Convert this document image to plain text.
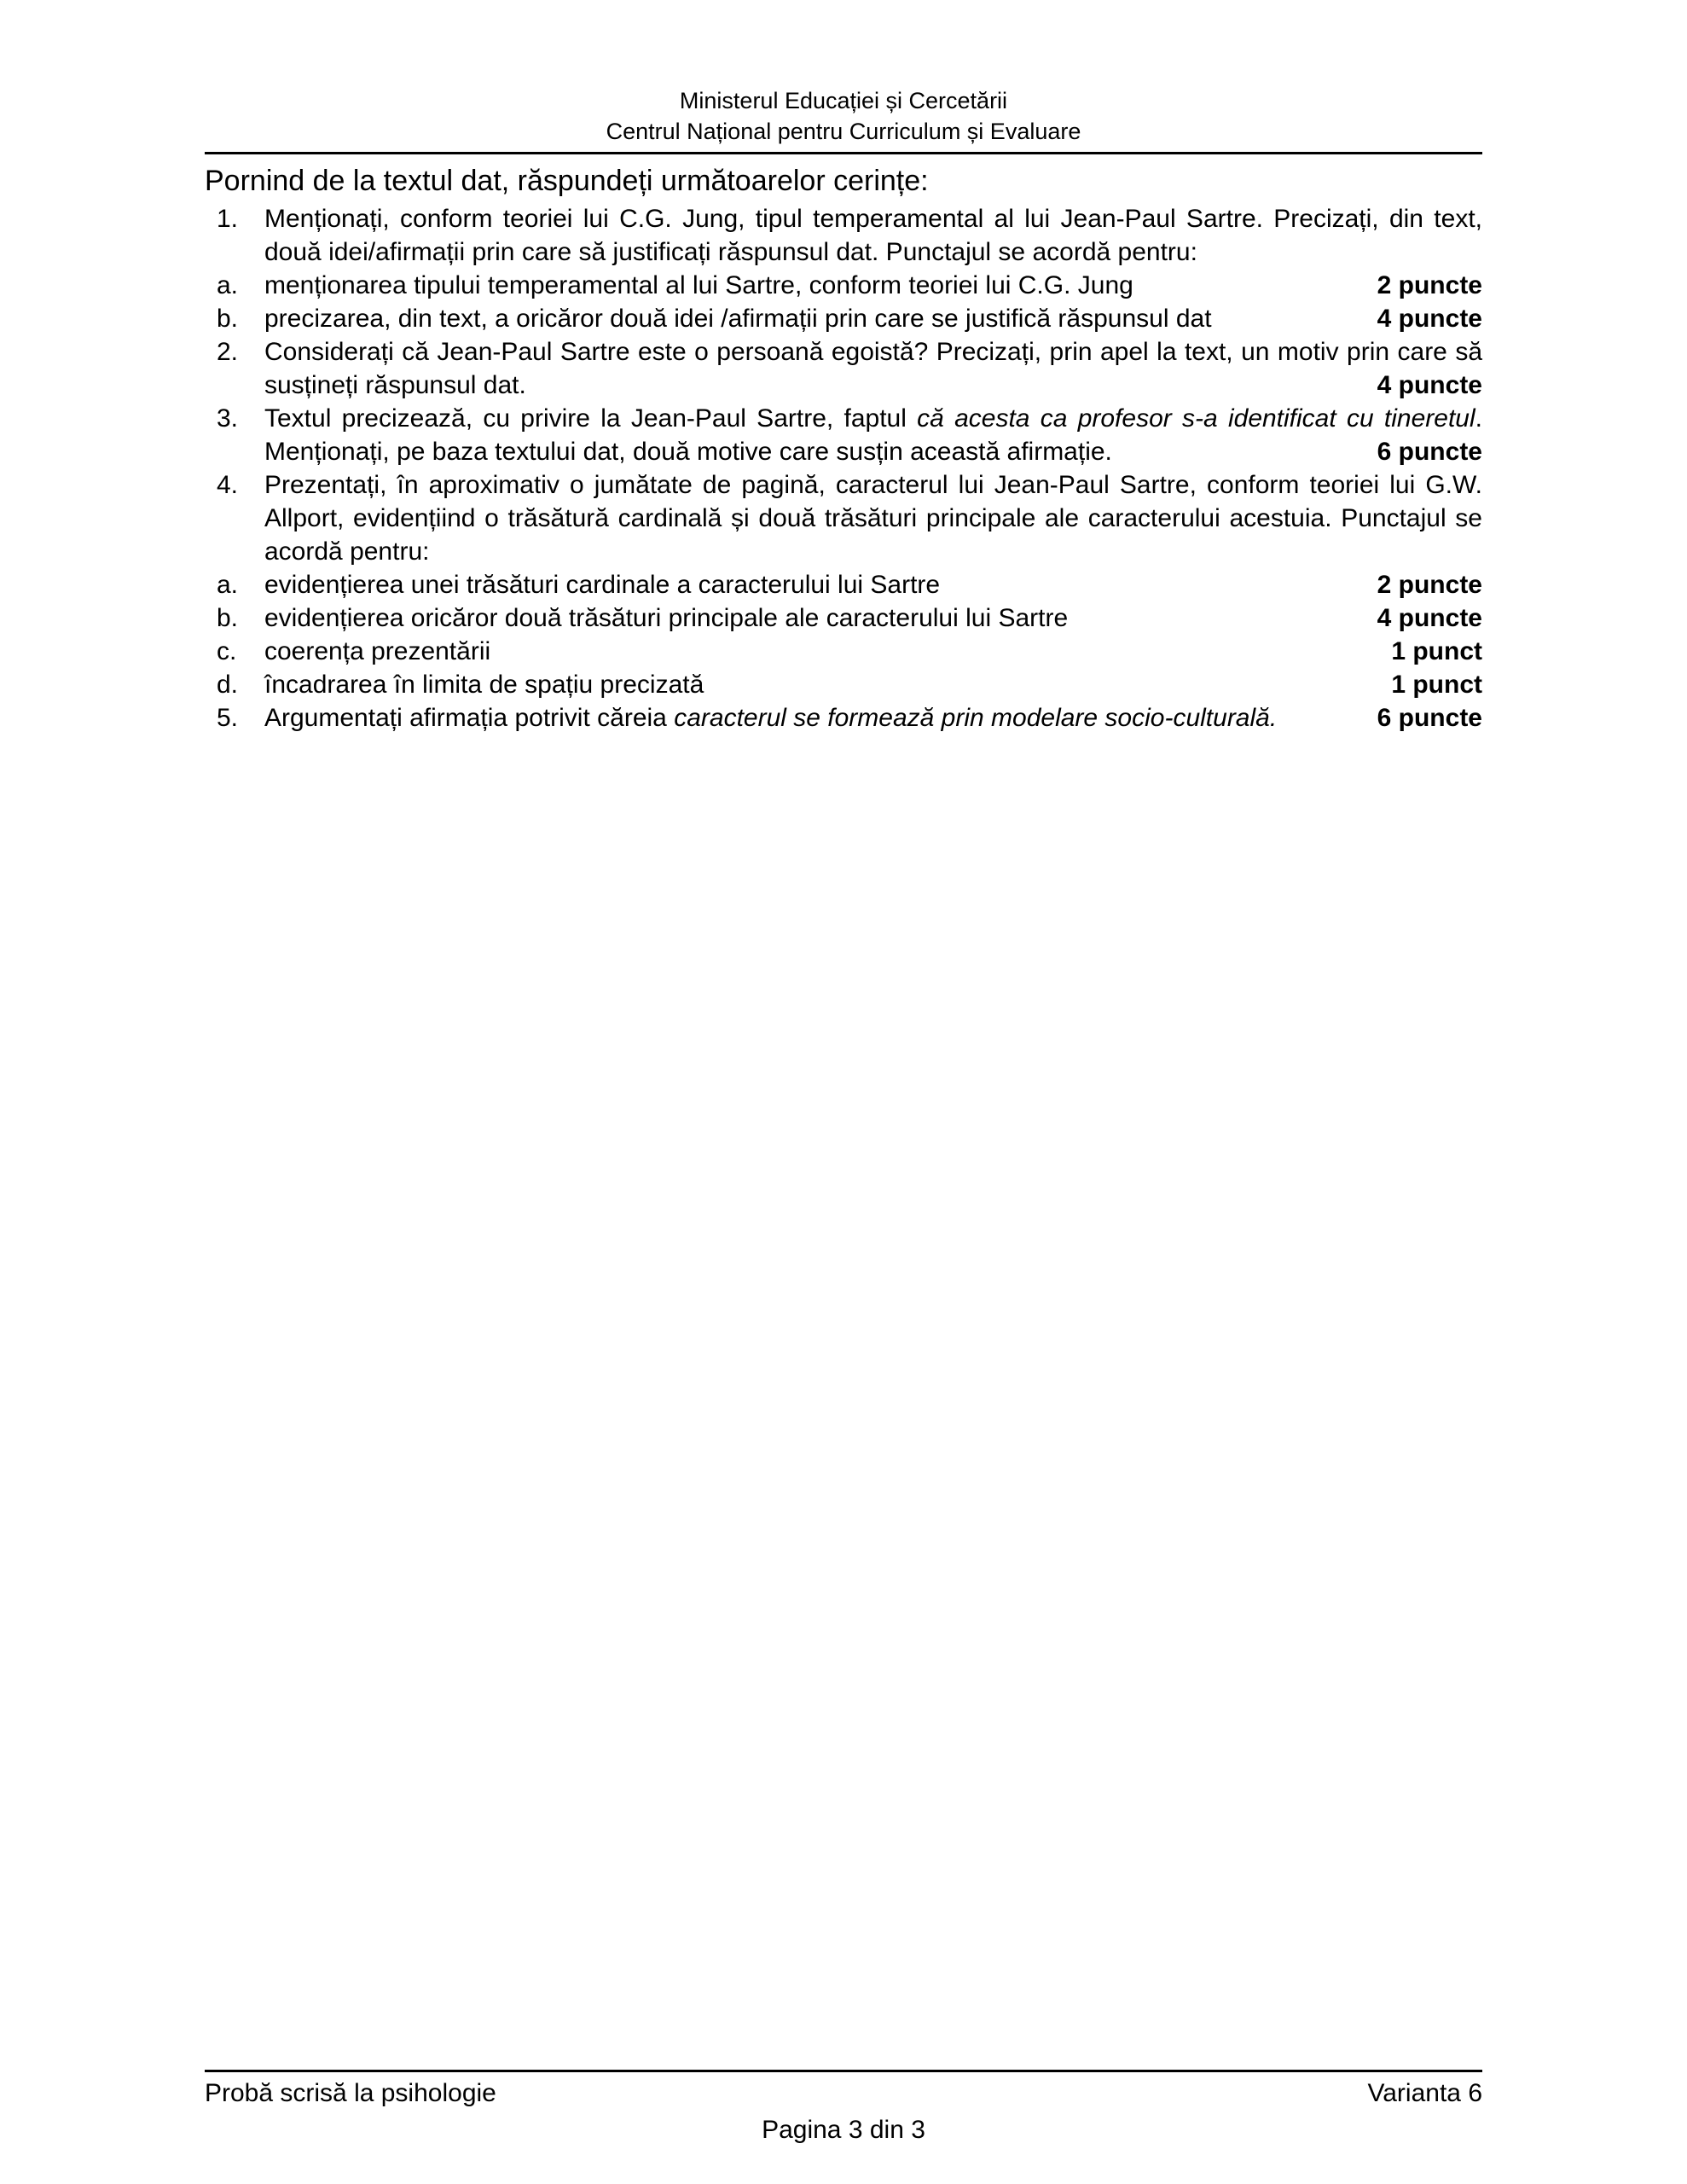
Ministerul Educației și Cercetării
Centrul Național pentru Curriculum și Evaluare
Pornind de la textul dat, răspundeți următoarelor cerințe:
1. Menționați, conform teoriei lui C.G. Jung, tipul temperamental al lui Jean-Paul Sartre. Precizați, din text, două idei/afirmații prin care să justificați răspunsul dat. Punctajul se acordă pentru:
a. menționarea tipului temperamental al lui Sartre, conform teoriei lui C.G. Jung	2 puncte
b. precizarea, din text, a oricăror două idei /afirmații prin care se justifică răspunsul dat	4 puncte
2. Considerați că Jean-Paul Sartre este o persoană egoistă? Precizați, prin apel la text, un motiv prin care să susțineți răspunsul dat.	4 puncte
3. Textul precizează, cu privire la Jean-Paul Sartre, faptul că acesta ca profesor s-a identificat cu tineretul. Menționați, pe baza textului dat, două motive care susțin această afirmație.	6 puncte
4. Prezentați, în aproximativ o jumătate de pagină, caracterul lui Jean-Paul Sartre, conform teoriei lui G.W. Allport, evidențiind o trăsătură cardinală și două trăsături principale ale caracterului acestuia. Punctajul se acordă pentru:
a. evidențierea unei trăsături cardinale a caracterului lui Sartre	2 puncte
b. evidențierea oricăror două trăsături principale ale caracterului lui Sartre	4 puncte
c. coerența prezentării	1 punct
d. încadrarea în limita de spațiu precizată	1 punct
5. Argumentați afirmația potrivit căreia caracterul se formează prin modelare socio-culturală.	6 puncte
Probă scrisă la psihologie	Varianta 6
Pagina 3 din 3
